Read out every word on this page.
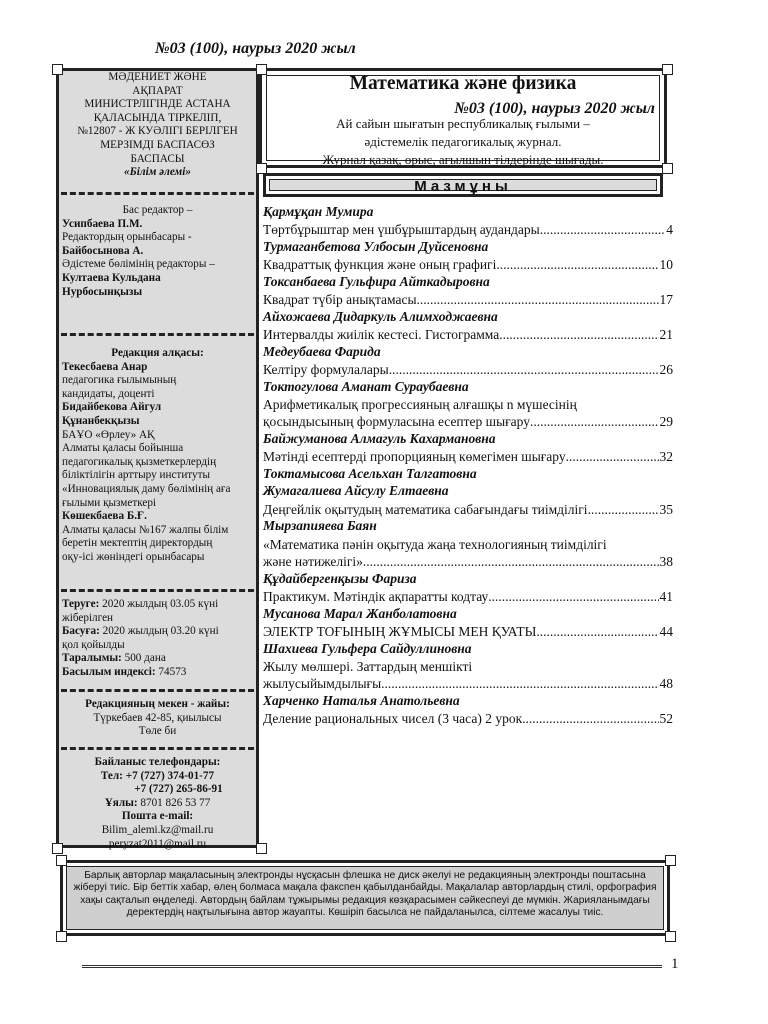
№03 (100), наурыз 2020 жыл
МӘДЕНИЕТ ЖӘНЕ
АҚПАРАТ
МИНИСТРЛІГІНДЕ АСТАНА
ҚАЛАСЫНДА ТІРКЕЛІП,
№12807 - Ж КУӘЛІГІ БЕРІЛГЕН
МЕРЗІМДІ БАСПАСӨЗ
БАСПАСЫ
«Білім әлемі»
Бас редактор –
Усипбаева П.М.
Редактордың орынбасары -
Байбосынова А.
Әдістеме бөлімінің редакторы –
Култаева Кульдана
Нурбосынқызы
Редакция алқасы:
Текесбаева Анар
педагогика ғылымының
кандидаты, доценті
Бидайбекова Айгул
Құнанбекқызы
БАҰО «Өрлеу» АҚ
Алматы қаласы бойынша
педагогикалық қызметкерлердің
біліктілігін арттыру институты
«Инновациялық даму бөлімінің аға
ғылыми қызметкері
Көшекбаева Б.Ғ.
Алматы қаласы №167 жалпы білім
беретін мектептің директордың
оқу-ісі жөніндегі орынбасары
Теруге: 2020 жылдың 03.05 күні
жіберілген
Басуға: 2020 жылдың 03.20 күні
қол қойылды
Таралымы: 500 дана
Басылым индексі: 74573
Редакцияның мекен - жайы:
Түркебаев 42-85, қиылысы
Төле би
Байланыс телефондары:
Тел: +7 (727) 374-01-77
+7 (727) 265-86-91
Ұялы: 8701 826 53 77
Пошта e-mail:
Bilim_alemi.kz@mail.ru
peryzat2011@mail.ru
Математика және физика
№03 (100), наурыз 2020 жыл
Ай сайын шығатын республикалық ғылыми –
әдістемелік педагогикалық журнал.
Журнал қазақ, орыс, ағылшын тілдерінде шығады.
Мазмұны
Қармұқан Мумира
Төртбұрыштар мен үшбұрыштардың аудандары .....	4
Турмаганбетова Улбосын Дуйсеновна
Квадраттық функция және оның графигі .....	10
Токсанбаева Гульфира Айткадыровна
Квадрат түбір анықтамасы .....	17
Айхожаева Дидаркуль Алимходжаевна
Интервалды жиілік кестесі. Гистограмма .....	21
Медеубаева Фарида
Келтіру формулалары .....	26
Токтогулова Аманат Сураубаевна
Арифметикалық прогрессияның алғашқы n мүшесінің
қосындысының формуласына есептер шығару .....	29
Байжуманова Алмагуль Кахармановна
Мәтінді есептерді пропорцияның көмегімен шығару .....	32
Токтамысова Асельхан Талгатовна
Жумагалиева Айсулу Елтаевна
Деңгейлік оқытудың математика сабағындағы тиімділігі .....	35
Мырзапияева Баян
«Математика пәнін оқытуда жаңа технологияның тиімділігі
және нәтижелігі» .....	38
Құдайбергенқызы Фариза
Практикум. Мәтіндік ақпаратты кодтау .....	41
Мусанова Марал Жанболатовна
ЭЛЕКТР ТОҒЫНЫҢ ЖҰМЫСЫ МЕН ҚУАТЫ .....	44
Шахиева Гульфера Сайдуллиновна
Жылу мөлшері. Заттардың меншікті
жылусыйымдылығы .....	48
Харченко Наталья Анатольевна
Деление рациональных чисел (3 часа) 2 урок .....	52
Барлық авторлар мақаласының электронды нұсқасын флешка не диск әкелуі не редакцияның электронды поштасына жіберуі тиіс. Бір беттік хабар, өлең болмаса мақала факспен қабылданбайды. Мақалалар авторлардың стилі, орфография хақы сақталып өңделеді. Автордың байлам тұжырымы редакция көзқарасымен сәйкеспеуі де мүмкін. Жарияланымдағы деректердің нақтылығына автор жауапты. Көшіріп басылса не пайдаланылса, сілтеме жасалуы тиіс.
1
